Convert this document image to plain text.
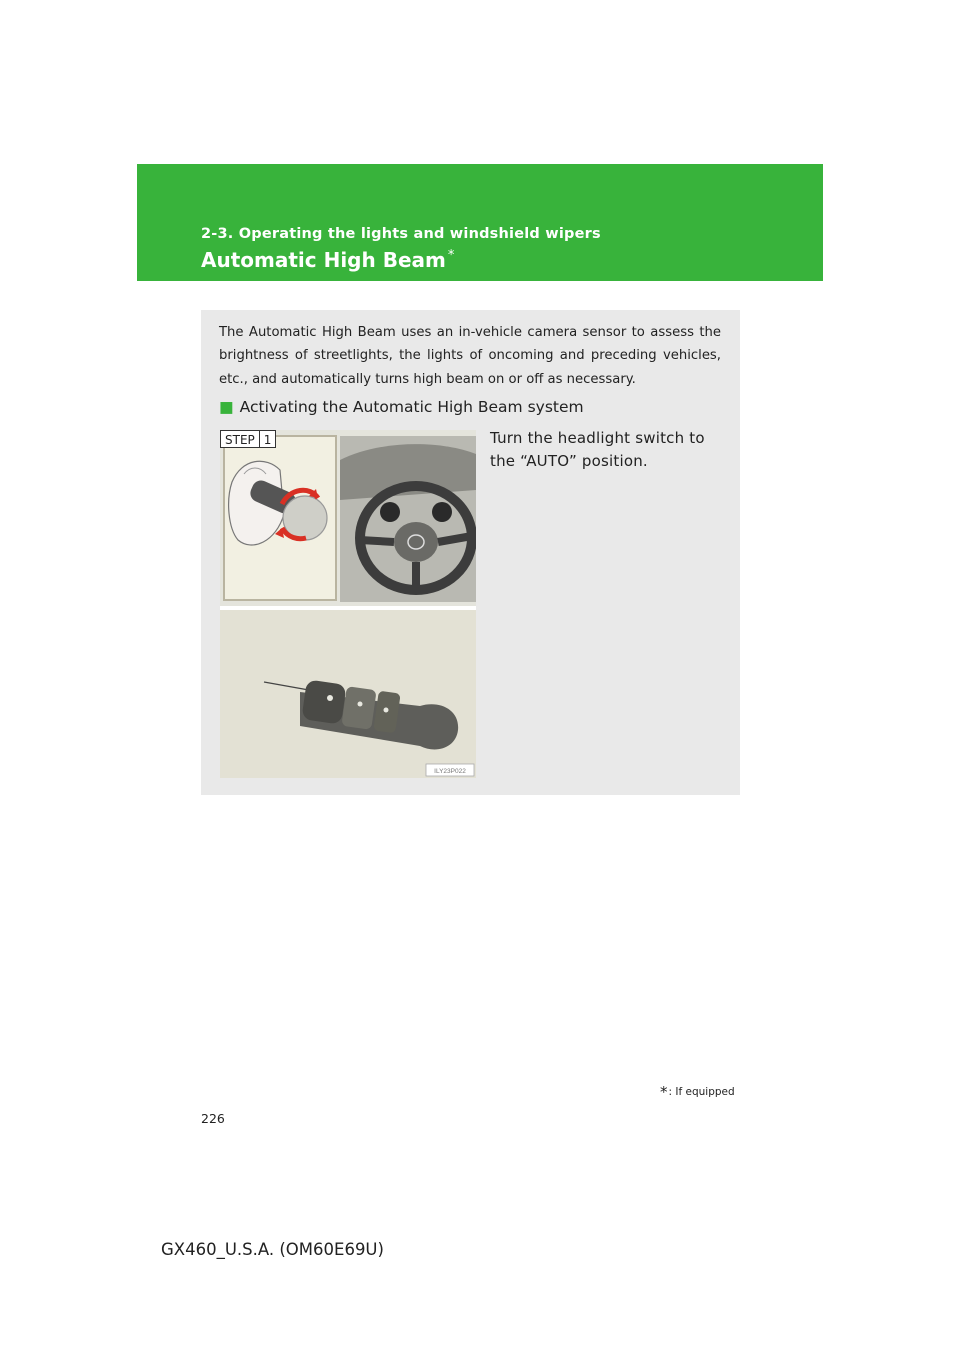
2-3. Operating the lights and windshield wipers
Automatic High Beam *

The Automatic High Beam uses an in-vehicle camera sensor to assess the brightness of streetlights, the lights of oncoming and preceding vehicles, etc., and automatically turns high beam on or off as necessary.

■ Activating the Automatic High Beam system
STEP 1
ILY23P022

Turn the headlight switch to the “AUTO” position.

*: If equipped
226
GX460_U.S.A. (OM60E69U)
